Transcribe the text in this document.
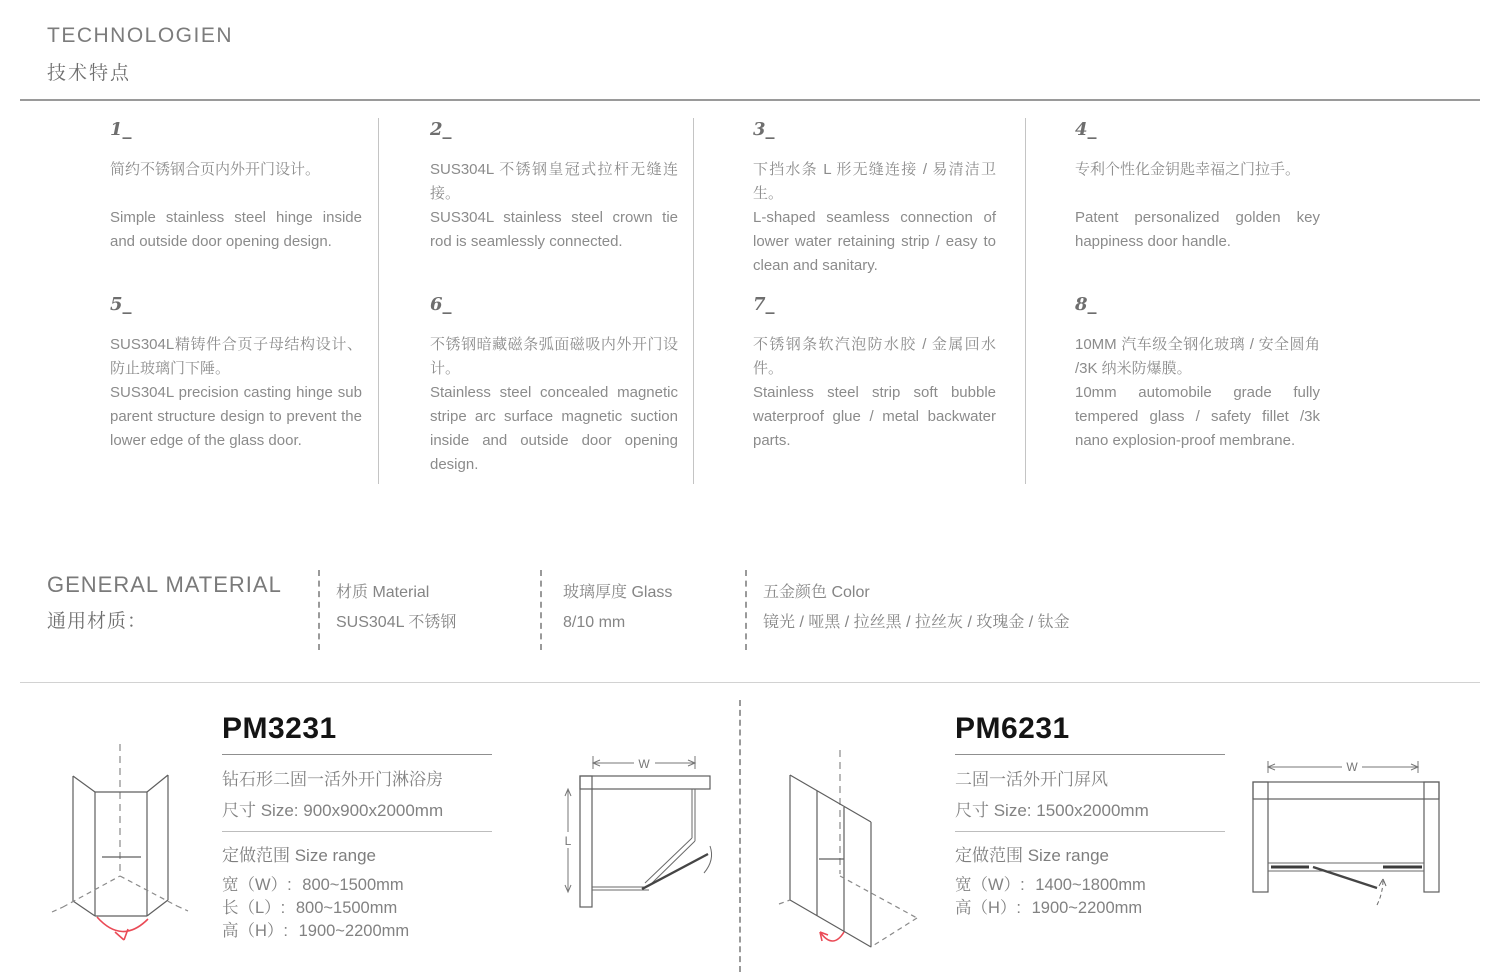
TECHNOLOGIEN
技术特点
1_

简约不锈钢合页内外开门设计。

Simple stainless steel hinge inside and outside door opening design.

2_

SUS304L 不锈钢皇冠式拉杆无缝连接。

SUS304L stainless steel crown tie rod is seamlessly connected.

3_

下挡水条 L 形无缝连接 / 易清洁卫生。

L-shaped seamless connection of lower water retaining strip / easy to clean and sanitary.

4_

专利个性化金钥匙幸福之门拉手。

Patent personalized golden key happiness door handle.

5_

SUS304L精铸件合页子母结构设计、防止玻璃门下陲。

SUS304L precision casting hinge sub parent structure design to prevent the lower edge of the glass door.

6_

不锈钢暗藏磁条弧面磁吸内外开门设计。

Stainless steel concealed magnetic stripe arc surface magnetic suction inside and outside door opening design.

7_

不锈钢条软汽泡防水胶 / 金属回水件。

Stainless steel strip soft bubble waterproof glue / metal backwater parts.

8_

10MM 汽车级全钢化玻璃 / 安全圆角 /3K 纳米防爆膜。

10mm automobile grade fully tempered glass / safety fillet /3k nano explosion-proof membrane.

GENERAL MATERIAL
通用材质：
材质 Material
SUS304L 不锈钢
玻璃厚度 Glass
8/10 mm
五金颜色 Color
镜光 / 哑黑 / 拉丝黑 / 拉丝灰 / 玫瑰金 / 钛金
PM3231

钻石形二固一活外开门淋浴房

尺寸 Size: 900x900x2000mm

定做范围 Size range

宽（W）: 800~1500mm

长（L）: 800~1500mm

高（H）: 1900~2200mm

W
L
PM6231

二固一活外开门屏风

尺寸 Size: 1500x2000mm

定做范围 Size range

宽（W）: 1400~1800mm

高（H）: 1900~2200mm

W
